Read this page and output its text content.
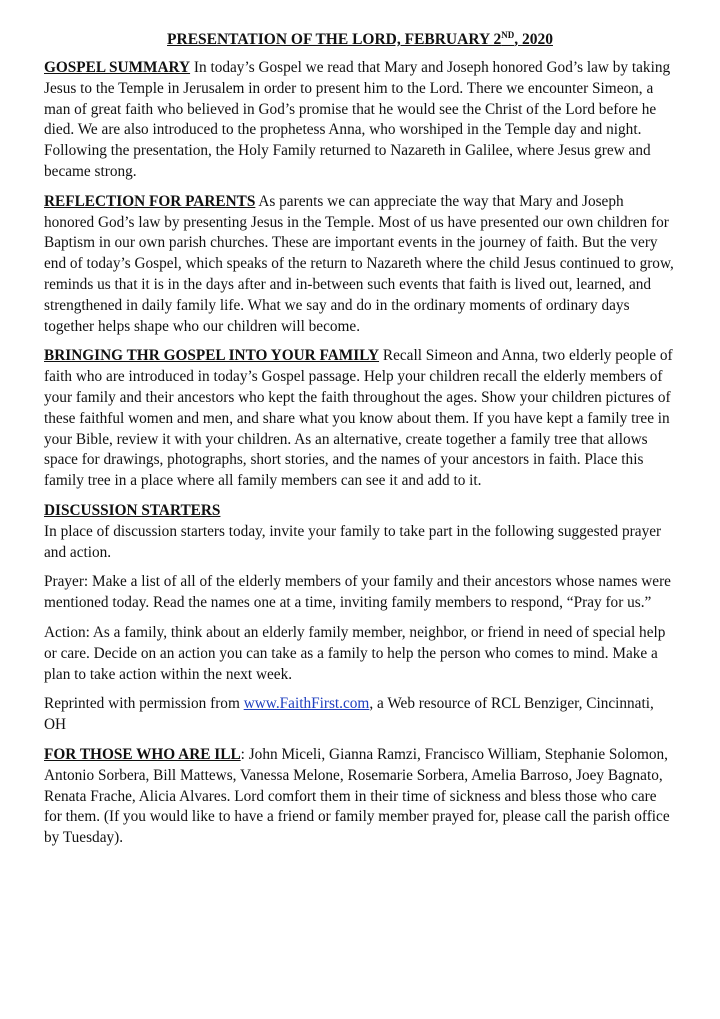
PRESENTATION OF THE LORD, FEBRUARY 2ND, 2020

GOSPEL SUMMARY In today’s Gospel we read that Mary and Joseph honored God’s law by taking Jesus to the Temple in Jerusalem in order to present him to the Lord. There we encounter Simeon, a man of great faith who believed in God’s promise that he would see the Christ of the Lord before he died. We are also introduced to the prophetess Anna, who worshiped in the Temple day and night. Following the presentation, the Holy Family returned to Nazareth in Galilee, where Jesus grew and became strong.

REFLECTION FOR PARENTS As parents we can appreciate the way that Mary and Joseph honored God’s law by presenting Jesus in the Temple. Most of us have presented our own children for Baptism in our own parish churches. These are important events in the journey of faith. But the very end of today’s Gospel, which speaks of the return to Nazareth where the child Jesus continued to grow, reminds us that it is in the days after and in-between such events that faith is lived out, learned, and strengthened in daily family life. What we say and do in the ordinary moments of ordinary days together helps shape who our children will become.

BRINGING THR GOSPEL INTO YOUR FAMILY Recall Simeon and Anna, two elderly people of faith who are introduced in today’s Gospel passage. Help your children recall the elderly members of your family and their ancestors who kept the faith throughout the ages. Show your children pictures of these faithful women and men, and share what you know about them. If you have kept a family tree in your Bible, review it with your children. As an alternative, create together a family tree that allows space for drawings, photographs, short stories, and the names of your ancestors in faith. Place this family tree in a place where all family members can see it and add to it.

DISCUSSION STARTERS
In place of discussion starters today, invite your family to take part in the following suggested prayer and action.

Prayer: Make a list of all of the elderly members of your family and their ancestors whose names were mentioned today. Read the names one at a time, inviting family members to respond, “Pray for us.”

Action: As a family, think about an elderly family member, neighbor, or friend in need of special help or care. Decide on an action you can take as a family to help the person who comes to mind. Make a plan to take action within the next week.

Reprinted with permission from www.FaithFirst.com, a Web resource of RCL Benziger, Cincinnati, OH

FOR THOSE WHO ARE ILL: John Miceli, Gianna Ramzi, Francisco William, Stephanie Solomon,
Antonio Sorbera, Bill Mattews, Vanessa Melone, Rosemarie Sorbera, Amelia Barroso, Joey Bagnato,
Renata Frache, Alicia Alvares. Lord comfort them in their time of sickness and bless those who care for them. (If you would like to have a friend or family member prayed for, please call the parish office by Tuesday).
